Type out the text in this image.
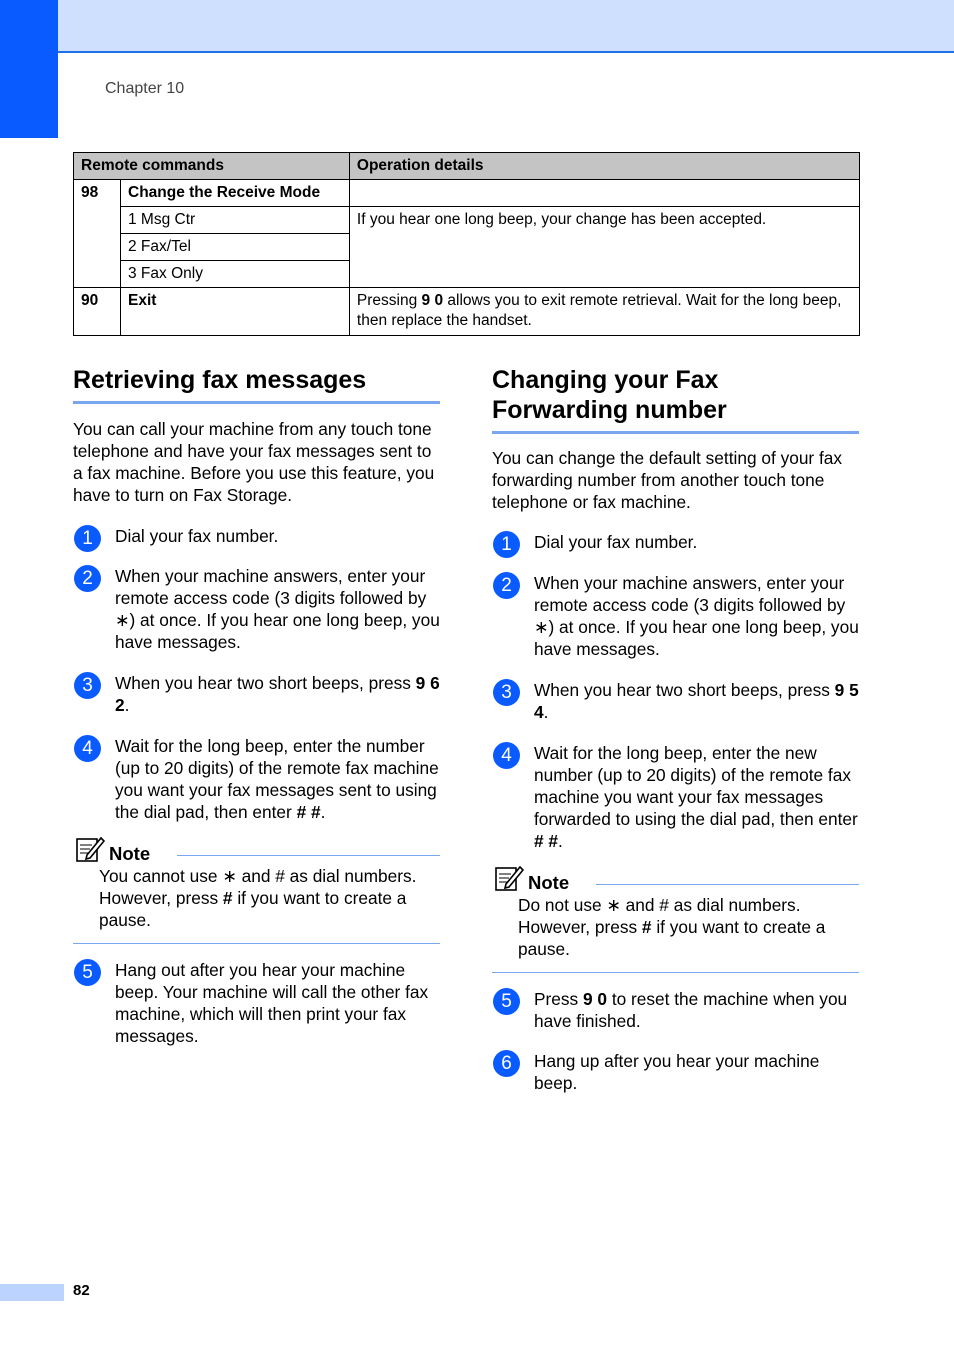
Chapter 10
Remote commands		Operation details
98	Change the Receive Mode	
	1 Msg Ctr	If you hear one long beep, your change has been accepted.
	2 Fax/Tel	
	3 Fax Only	
90	Exit	Pressing 9 0 allows you to exit remote retrieval. Wait for the long beep, then replace the handset.
Retrieving fax messages

You can call your machine from any touch tone telephone and have your fax messages sent to a fax machine. Before you use this feature, you have to turn on Fax Storage.

1	Dial your fax number.
2	When your machine answers, enter your remote access code (3 digits followed by ∗) at once. If you hear one long beep, you have messages.
3	When you hear two short beeps, press 9 6 2.
4	Wait for the long beep, enter the number (up to 20 digits) of the remote fax machine you want your fax messages sent to using the dial pad, then enter # #.
Note
You cannot use ∗ and # as dial numbers. However, press # if you want to create a pause.
5	Hang out after you hear your machine beep. Your machine will call the other fax machine, which will then print your fax messages.
Changing your Fax
Forwarding number

You can change the default setting of your fax forwarding number from another touch tone telephone or fax machine.

1	Dial your fax number.
2	When your machine answers, enter your remote access code (3 digits followed by ∗) at once. If you hear one long beep, you have messages.
3	When you hear two short beeps, press 9 5 4.
4	Wait for the long beep, enter the new number (up to 20 digits) of the remote fax machine you want your fax messages forwarded to using the dial pad, then enter # #.
Note
Do not use ∗ and # as dial numbers. However, press # if you want to create a pause.
5	Press 9 0 to reset the machine when you have finished.
6	Hang up after you hear your machine beep.
82
